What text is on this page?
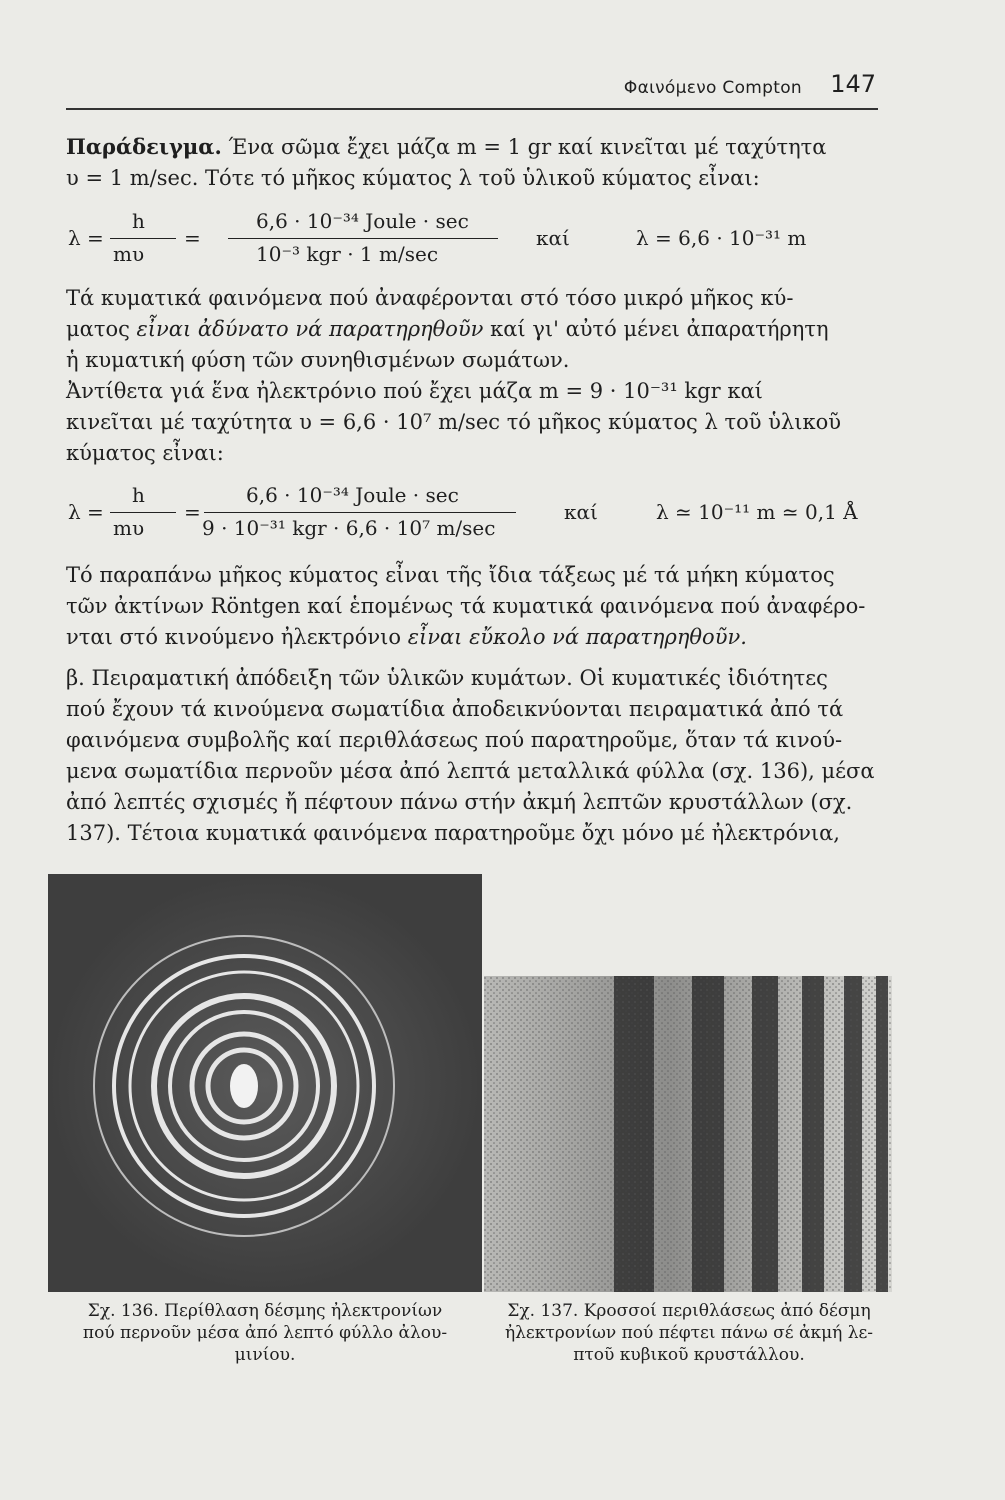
Φαινόμενο Compton 147

Παράδειγμα. Ένα σῶμα ἔχει μάζα m = 1 gr καί κινεῖται μέ ταχύτητα

υ = 1 m/sec. Τότε τό μῆκος κύματος λ τοῦ ὑλικοῦ κύματος εἶναι:

λ =
h
mυ
=
6,6 · 10⁻³⁴ Joule · sec
10⁻³ kgr · 1 m/sec
καί	λ = 6,6 · 10⁻³¹ m

Τά κυματικά φαινόμενα πού ἀναφέρονται στό τόσο μικρό μῆκος κύ-

ματος εἶναι ἀδύνατο νά παρατηρηθοῦν καί γι' αὐτό μένει ἀπαρατήρητη

ἡ κυματική φύση τῶν συνηθισμένων σωμάτων.

Ἀντίθετα γιά ἕνα ἠλεκτρόνιο πού ἔχει μάζα m = 9 · 10⁻³¹ kgr καί

κινεῖται μέ ταχύτητα υ = 6,6 · 10⁷ m/sec τό μῆκος κύματος λ τοῦ ὑλικοῦ

κύματος εἶναι:

λ =
h
mυ
=
6,6 · 10⁻³⁴ Joule · sec
9 · 10⁻³¹ kgr · 6,6 · 10⁷ m/sec
καί	λ ≃ 10⁻¹¹ m ≃ 0,1 Å

Τό παραπάνω μῆκος κύματος εἶναι τῆς ἴδια τάξεως μέ τά μήκη κύματος

τῶν ἀκτίνων Röntgen καί ἑπομένως τά κυματικά φαινόμενα πού ἀναφέρο-

νται στό κινούμενο ἠλεκτρόνιο εἶναι εὔκολο νά παρατηρηθοῦν.

β. Πειραματική ἀπόδειξη τῶν ὑλικῶν κυμάτων. Οἱ κυματικές ἰδιότητες

πού ἔχουν τά κινούμενα σωματίδια ἀποδεικνύονται πειραματικά ἀπό τά

φαινόμενα συμβολῆς καί περιθλάσεως πού παρατηροῦμε, ὅταν τά κινού-

μενα σωματίδια περνοῦν μέσα ἀπό λεπτά μεταλλικά φύλλα (σχ. 136), μέσα

ἀπό λεπτές σχισμές ἤ πέφτουν πάνω στήν ἀκμή λεπτῶν κρυστάλλων (σχ.

137). Τέτοια κυματικά φαινόμενα παρατηροῦμε ὄχι μόνο μέ ἠλεκτρόνια,

Σχ. 136. Περίθλαση δέσμης ἠλεκτρονίων
πού περνοῦν μέσα ἀπό λεπτό φύλλο ἀλου-
μινίου.
Σχ. 137. Κροσσοί περιθλάσεως ἀπό δέσμη
ἠλεκτρονίων πού πέφτει πάνω σέ ἀκμή λε-
πτοῦ κυβικοῦ κρυστάλλου.
